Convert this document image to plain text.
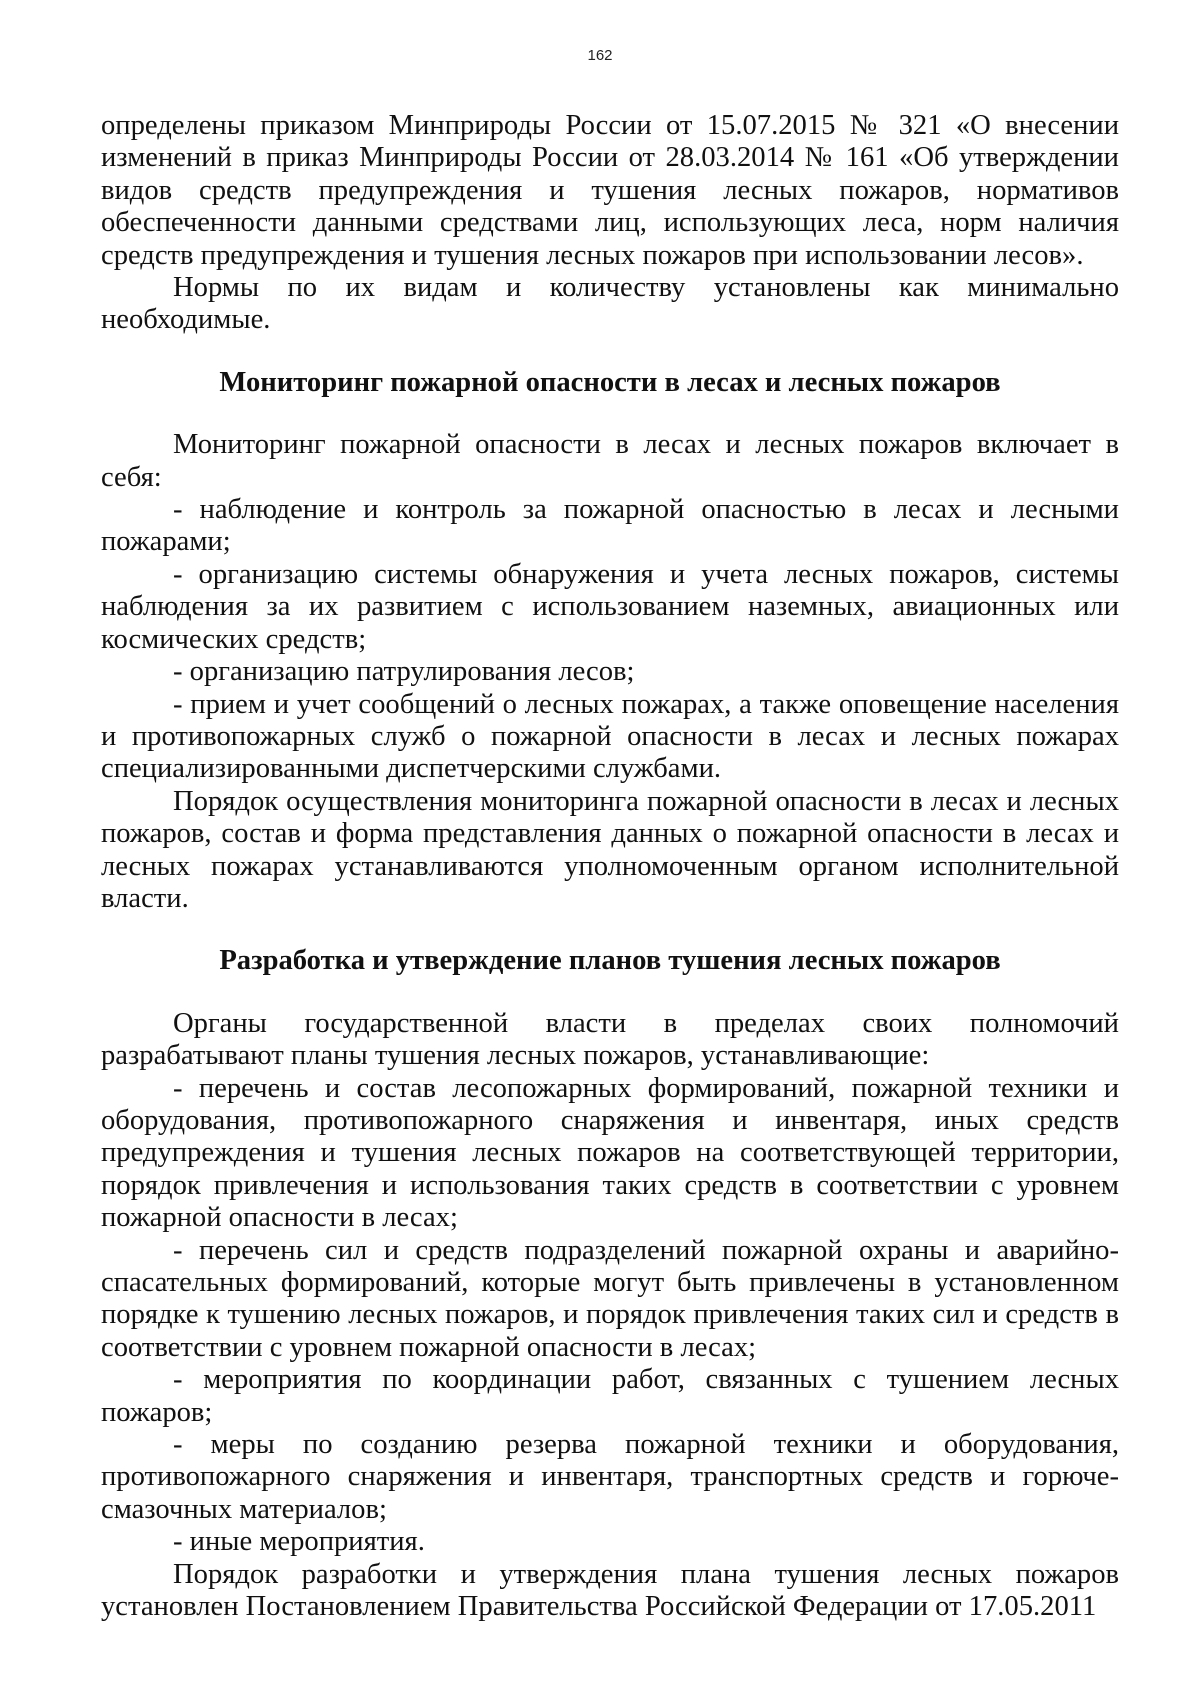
162

определены приказом Минприроды России от 15.07.2015 № 321 «О внесении изменений в приказ Минприроды России от 28.03.2014 № 161 «Об утверждении видов средств предупреждения и тушения лесных пожаров, нормативов обеспеченности данными средствами лиц, использующих леса, норм наличия средств предупреждения и тушения лесных пожаров при использовании лесов».

Нормы по их видам и количеству установлены как минимально необходимые.

Мониторинг пожарной опасности в лесах и лесных пожаров

Мониторинг пожарной опасности в лесах и лесных пожаров включает в себя:

- наблюдение и контроль за пожарной опасностью в лесах и лесными пожарами;

- организацию системы обнаружения и учета лесных пожаров, системы наблюдения за их развитием с использованием наземных, авиационных или космических средств;

- организацию патрулирования лесов;

- прием и учет сообщений о лесных пожарах, а также оповещение населения и противопожарных служб о пожарной опасности в лесах и лесных пожарах специализированными диспетчерскими службами.

Порядок осуществления мониторинга пожарной опасности в лесах и лесных пожаров, состав и форма представления данных о пожарной опасности в лесах и лесных пожарах устанавливаются уполномоченным органом исполнительной власти.

Разработка и утверждение планов тушения лесных пожаров

Органы государственной власти в пределах своих полномочий разрабатывают планы тушения лесных пожаров, устанавливающие:

- перечень и состав лесопожарных формирований, пожарной техники и оборудования, противопожарного снаряжения и инвентаря, иных средств предупреждения и тушения лесных пожаров на соответствующей территории, порядок привлечения и использования таких средств в соответствии с уровнем пожарной опасности в лесах;

- перечень сил и средств подразделений пожарной охраны и аварийно-спасательных формирований, которые могут быть привлечены в установленном порядке к тушению лесных пожаров, и порядок привлечения таких сил и средств в соответствии с уровнем пожарной опасности в лесах;

- мероприятия по координации работ, связанных с тушением лесных пожаров;

- меры по созданию резерва пожарной техники и оборудования, противопожарного снаряжения и инвентаря, транспортных средств и горюче-смазочных материалов;

- иные мероприятия.

Порядок разработки и утверждения плана тушения лесных пожаров установлен Постановлением Правительства Российской Федерации от 17.05.2011
